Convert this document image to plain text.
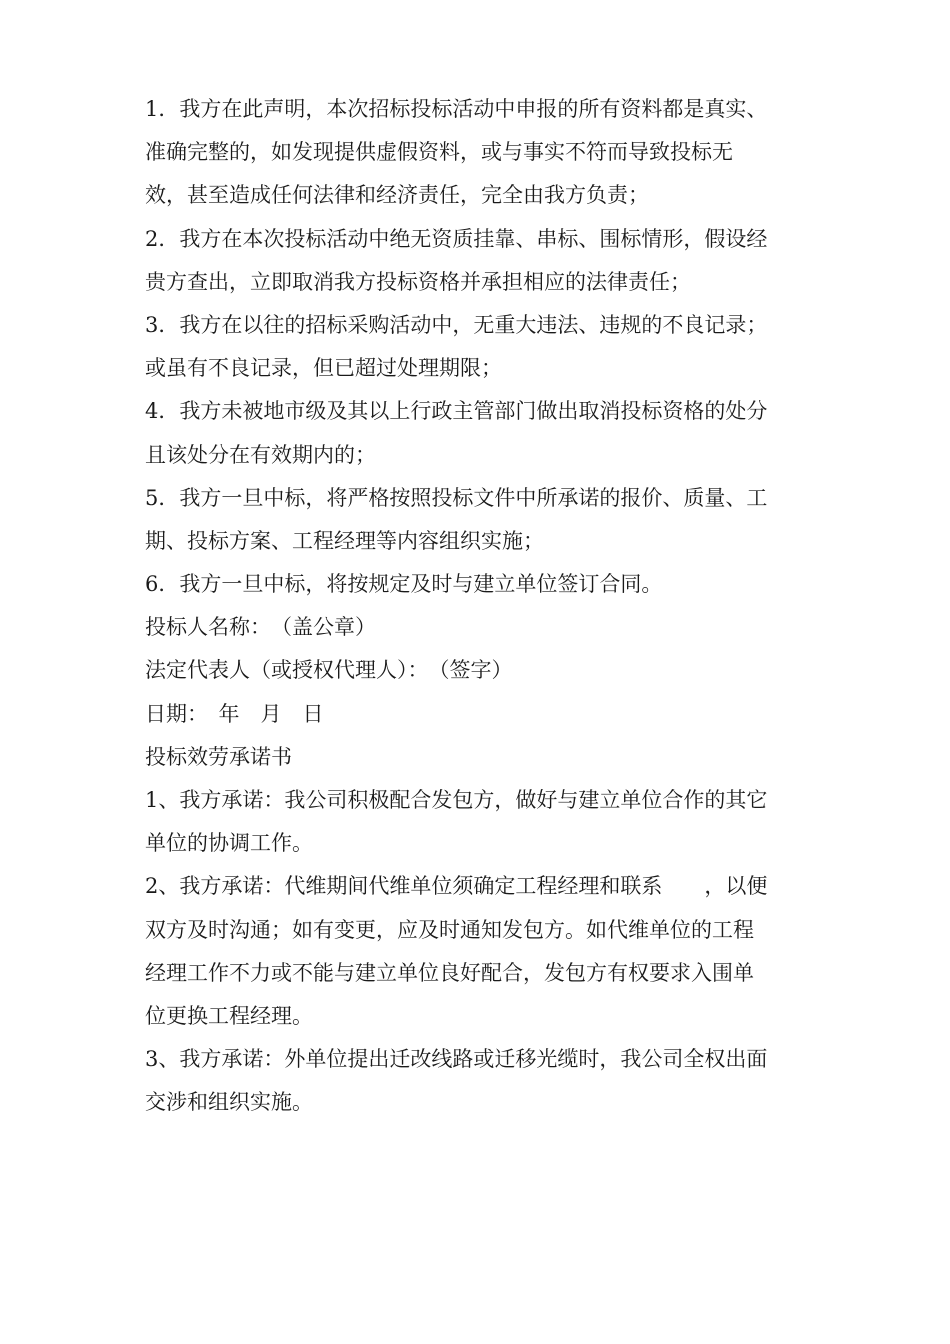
1．我方在此声明，本次招标投标活动中申报的所有资料都是真实、
准确完整的，如发现提供虚假资料，或与事实不符而导致投标无
效，甚至造成任何法律和经济责任，完全由我方负责；
2．我方在本次投标活动中绝无资质挂靠、串标、围标情形，假设经
贵方查出，立即取消我方投标资格并承担相应的法律责任；
3．我方在以往的招标采购活动中，无重大违法、违规的不良记录；
或虽有不良记录，但已超过处理期限；
4．我方未被地市级及其以上行政主管部门做出取消投标资格的处分
且该处分在有效期内的；
5．我方一旦中标，将严格按照投标文件中所承诺的报价、质量、工
期、投标方案、工程经理等内容组织实施；
6．我方一旦中标，将按规定及时与建立单位签订合同。
投标人名称：　（盖公章）
法定代表人（或授权代理人）：　（签字）
日期：　年　月　日
投标效劳承诺书
1、我方承诺：我公司积极配合发包方，做好与建立单位合作的其它
单位的协调工作。
2、我方承诺：代维期间代维单位须确定工程经理和联系　　，以便
双方及时沟通；如有变更，应及时通知发包方。如代维单位的工程
经理工作不力或不能与建立单位良好配合，发包方有权要求入围单
位更换工程经理。
3、我方承诺：外单位提出迁改线路或迁移光缆时，我公司全权出面
交涉和组织实施。
